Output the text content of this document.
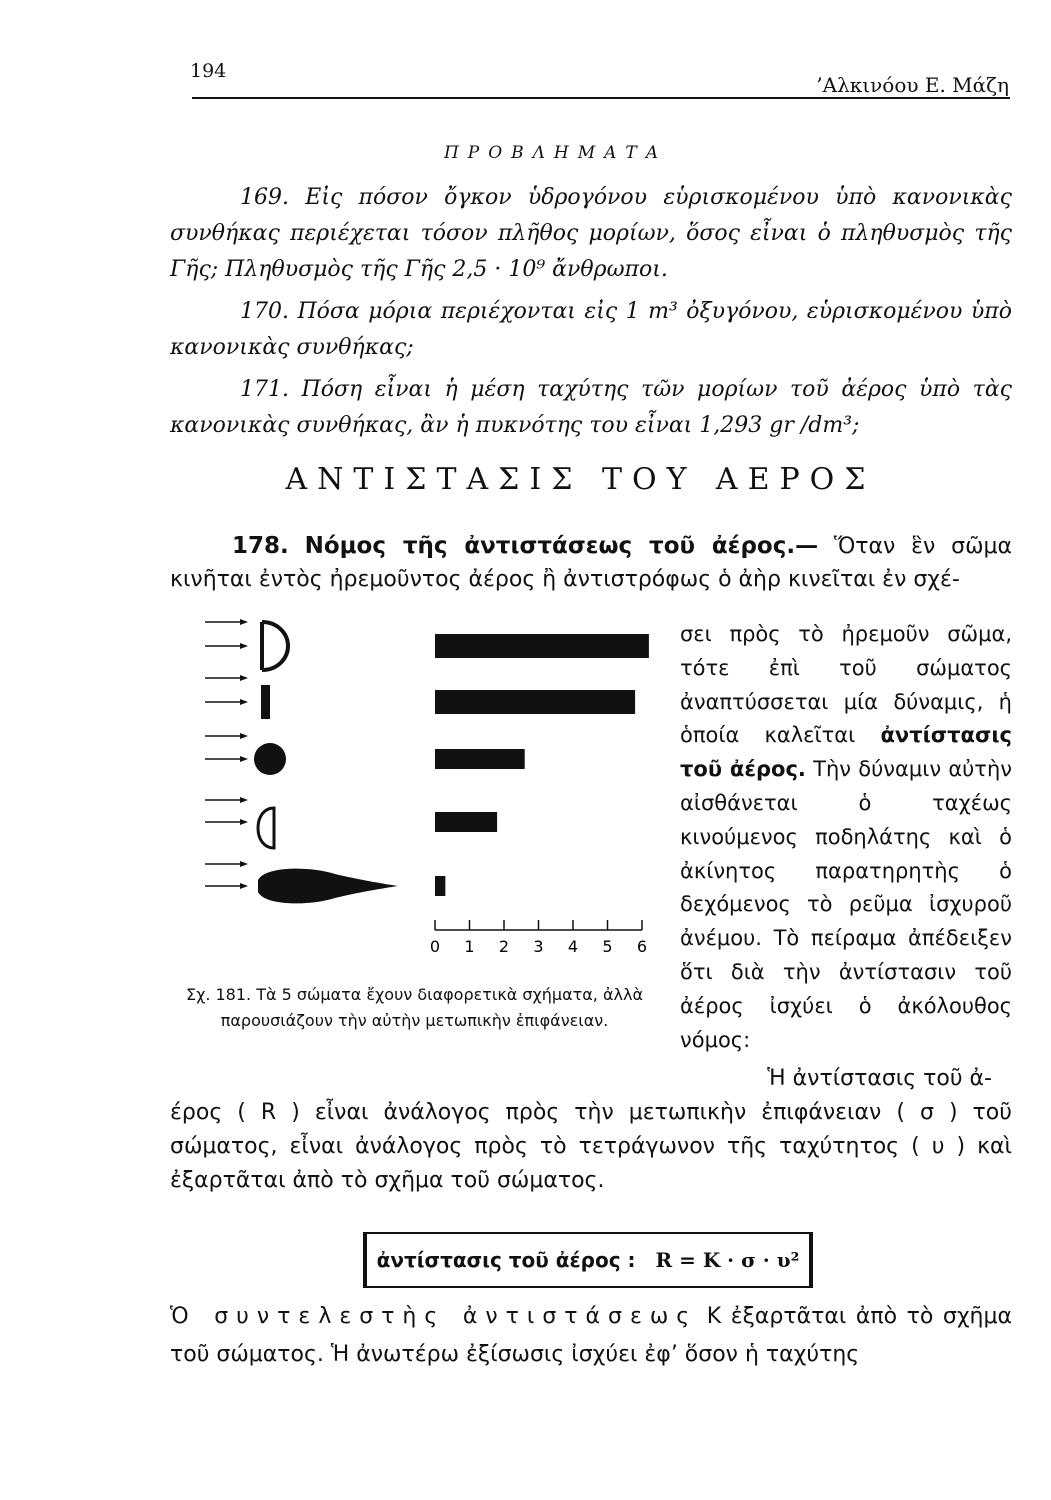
194
’Αλκινόου Ε. Μάζη
ΠΡΟΒΛΗΜΑΤΑ

169. Εἰς πόσον ὄγκον ὑδρογόνου εὑρισκομένου ὑπὸ κανονικὰς συνθήκας περιέχεται τόσον πλῆθος μορίων, ὅσος εἶναι ὁ πληθυσμὸς τῆς Γῆς; Πληθυσμὸς τῆς Γῆς 2,5 · 10⁹ ἄνθρωποι.

170. Πόσα μόρια περιέχονται εἰς 1 m³ ὀξυγόνου, εὑρισκομένου ὑπὸ κανονικὰς συνθήκας;

171. Πόση εἶναι ἡ μέση ταχύτης τῶν μορίων τοῦ ἀέρος ὑπὸ τὰς κανονικὰς συνθήκας, ἂν ἡ πυκνότης του εἶναι 1,293 gr /dm³;

ΑΝΤΙΣΤΑΣΙΣ ΤΟΥ ΑΕΡΟΣ

178. Νόμος τῆς ἀντιστάσεως τοῦ ἀέρος.— Ὅταν ἓν σῶμα κινῆται ἐντὸς ἠρεμοῦντος ἀέρος ἢ ἀντιστρόφως ὁ ἀὴρ κινεῖται ἐν σχέ-

0 1 2 3 4 5 6
σει πρὸς τὸ ἠρεμοῦν σῶμα, τότε ἐπὶ τοῦ σώματος ἀναπτύσσεται μία δύναμις, ἡ ὁποία καλεῖται ἀντίστασις τοῦ ἀέρος. Τὴν δύναμιν αὐτὴν αἰσθάνεται ὁ ταχέως κινούμενος ποδηλάτης καὶ ὁ ἀκίνητος παρατηρητὴς ὁ δεχόμενος τὸ ρεῦμα ἰσχυροῦ ἀνέμου. Τὸ πείραμα ἀπέδειξεν ὅτι διὰ τὴν ἀντίστασιν τοῦ ἀέρος ἰσχύει ὁ ἀκόλουθος νόμος:
Σχ. 181. Τὰ 5 σώματα ἔχουν διαφορετικὰ σχήματα, ἀλλὰ παρουσιάζουν τὴν αὐτὴν μετωπικὴν ἐπιφάνειαν.
Ἡ ἀντίστασις τοῦ ἀ-
έρος ( R ) εἶναι ἀνάλογος πρὸς τὴν μετωπικὴν ἐπιφάνειαν ( σ ) τοῦ σώματος, εἶναι ἀνάλογος πρὸς τὸ τετράγωνον τῆς ταχύτητος ( υ ) καὶ ἐξαρτᾶται ἀπὸ τὸ σχῆμα τοῦ σώματος.
ἀντίστασις τοῦ ἀέρος : R = K · σ · υ²
Ὁ συντελεστὴς ἀντιστάσεως K ἐξαρτᾶται ἀπὸ τὸ σχῆμα τοῦ σώματος. Ἡ ἀνωτέρω ἐξίσωσις ἰσχύει ἐφ’ ὅσον ἡ ταχύτης
